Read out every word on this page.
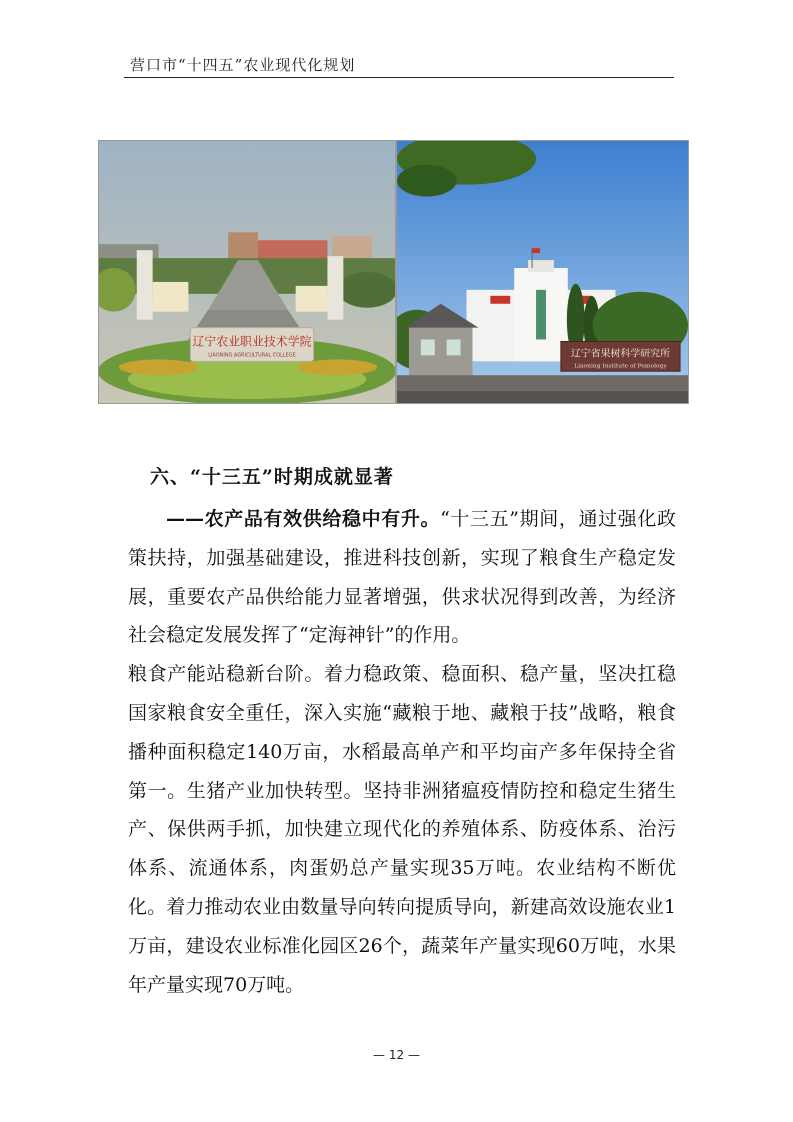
营口市“十四五”农业现代化规划
辽宁农业职业技术学院
LIAONING AGRICULTURAL COLLEGE	辽宁省果树科学研究所
Liaoning Institute of Pomology
六、“十三五”时期成就显著

——农产品有效供给稳中有升。“十三五”期间，通过强化政策扶持，加强基础建设，推进科技创新，实现了粮食生产稳定发展，重要农产品供给能力显著增强，供求状况得到改善，为经济社会稳定发展发挥了“定海神针”的作用。

粮食产能站稳新台阶。着力稳政策、稳面积、稳产量，坚决扛稳国家粮食安全重任，深入实施“藏粮于地、藏粮于技”战略，粮食播种面积稳定140万亩，水稻最高单产和平均亩产多年保持全省第一。生猪产业加快转型。坚持非洲猪瘟疫情防控和稳定生猪生产、保供两手抓，加快建立现代化的养殖体系、防疫体系、治污体系、流通体系，肉蛋奶总产量实现35万吨。农业结构不断优化。着力推动农业由数量导向转向提质导向，新建高效设施农业1万亩，建设农业标准化园区26个，蔬菜年产量实现60万吨，水果年产量实现70万吨。

— 12 —
